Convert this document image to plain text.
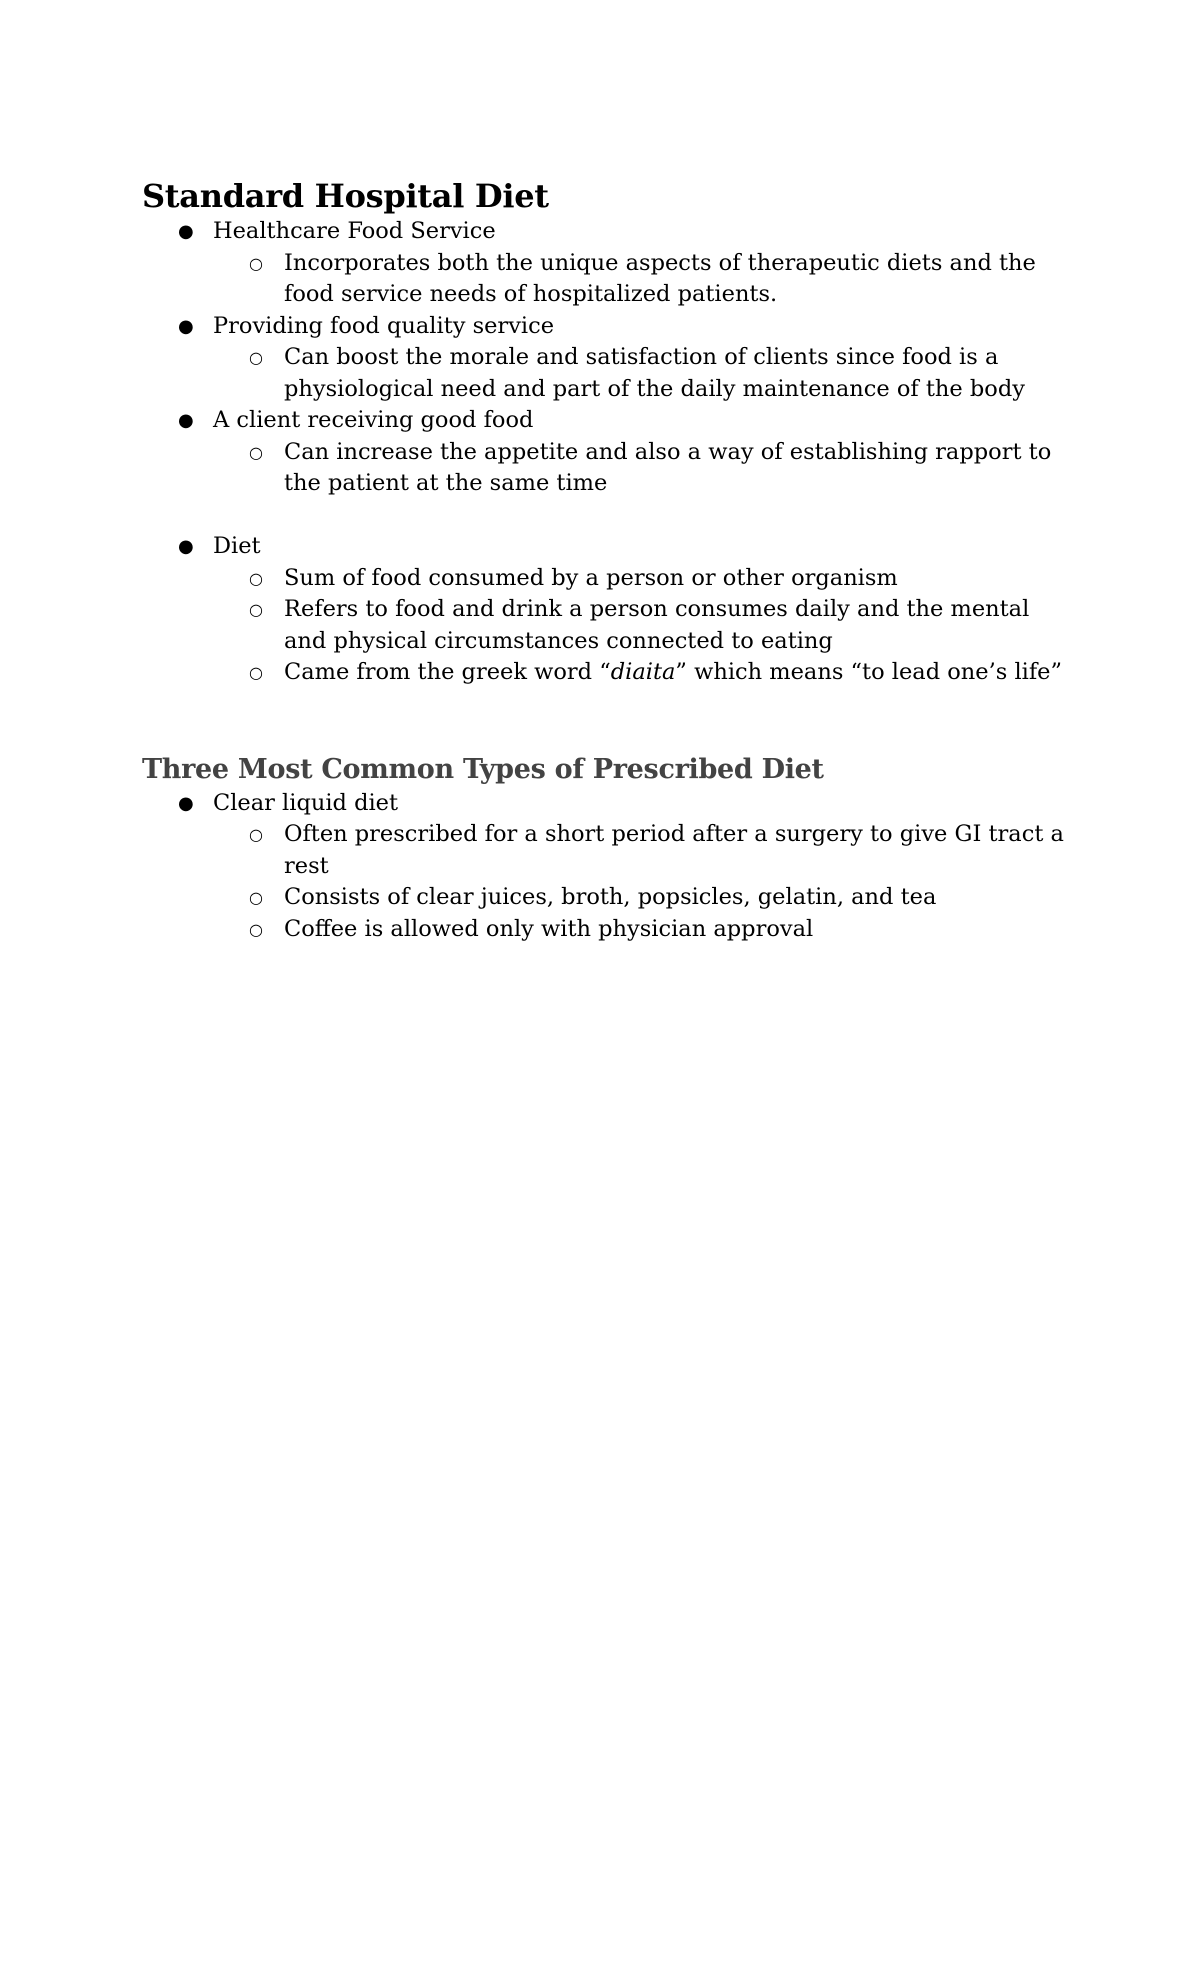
Standard Hospital Diet
● Healthcare Food Service
○ Incorporates both the unique aspects of therapeutic diets and the food service needs of hospitalized patients.
● Providing food quality service
○ Can boost the morale and satisfaction of clients since food is a physiological need and part of the daily maintenance of the body
● A client receiving good food
○ Can increase the appetite and also a way of establishing rapport to the patient at the same time
● Diet
○ Sum of food consumed by a person or other organism
○ Refers to food and drink a person consumes daily and the mental and physical circumstances connected to eating
○ Came from the greek word “diaita” which means “to lead one’s life”
Three Most Common Types of Prescribed Diet
● Clear liquid diet
○ Often prescribed for a short period after a surgery to give GI tract a rest
○ Consists of clear juices, broth, popsicles, gelatin, and tea
○ Coffee is allowed only with physician approval
